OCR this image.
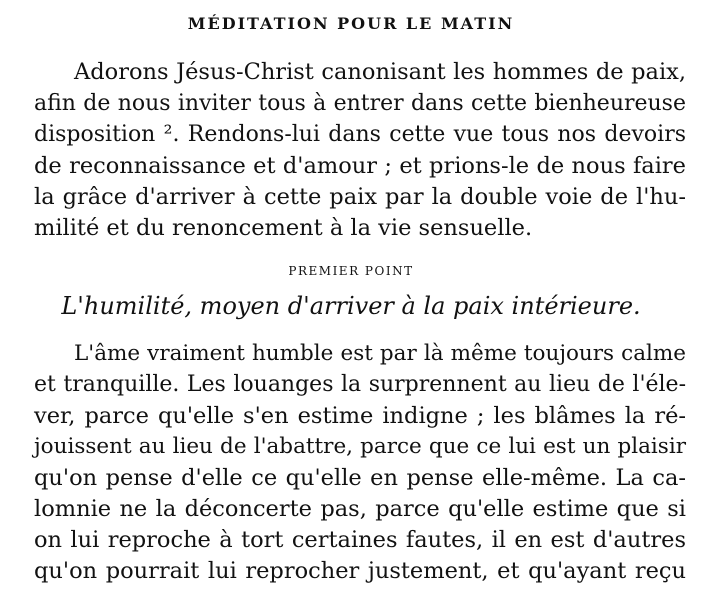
MÉDITATION POUR LE MATIN
Adorons Jésus-Christ canonisant les hommes de paix,
afin de nous inviter tous à entrer dans cette bienheureuse
disposition ². Rendons-lui dans cette vue tous nos devoirs
de reconnaissance et d'amour ; et prions-le de nous faire
la grâce d'arriver à cette paix par la double voie de l'hu-
milité et du renoncement à la vie sensuelle.
PREMIER POINT
L'humilité, moyen d'arriver à la paix intérieure.
L'âme vraiment humble est par là même toujours calme
et tranquille. Les louanges la surprennent au lieu de l'éle-
ver, parce qu'elle s'en estime indigne ; les blâmes la ré-
jouissent au lieu de l'abattre, parce que ce lui est un plaisir
qu'on pense d'elle ce qu'elle en pense elle-même. La ca-
lomnie ne la déconcerte pas, parce qu'elle estime que si
on lui reproche à tort certaines fautes, il en est d'autres
qu'on pourrait lui reprocher justement, et qu'ayant reçu
